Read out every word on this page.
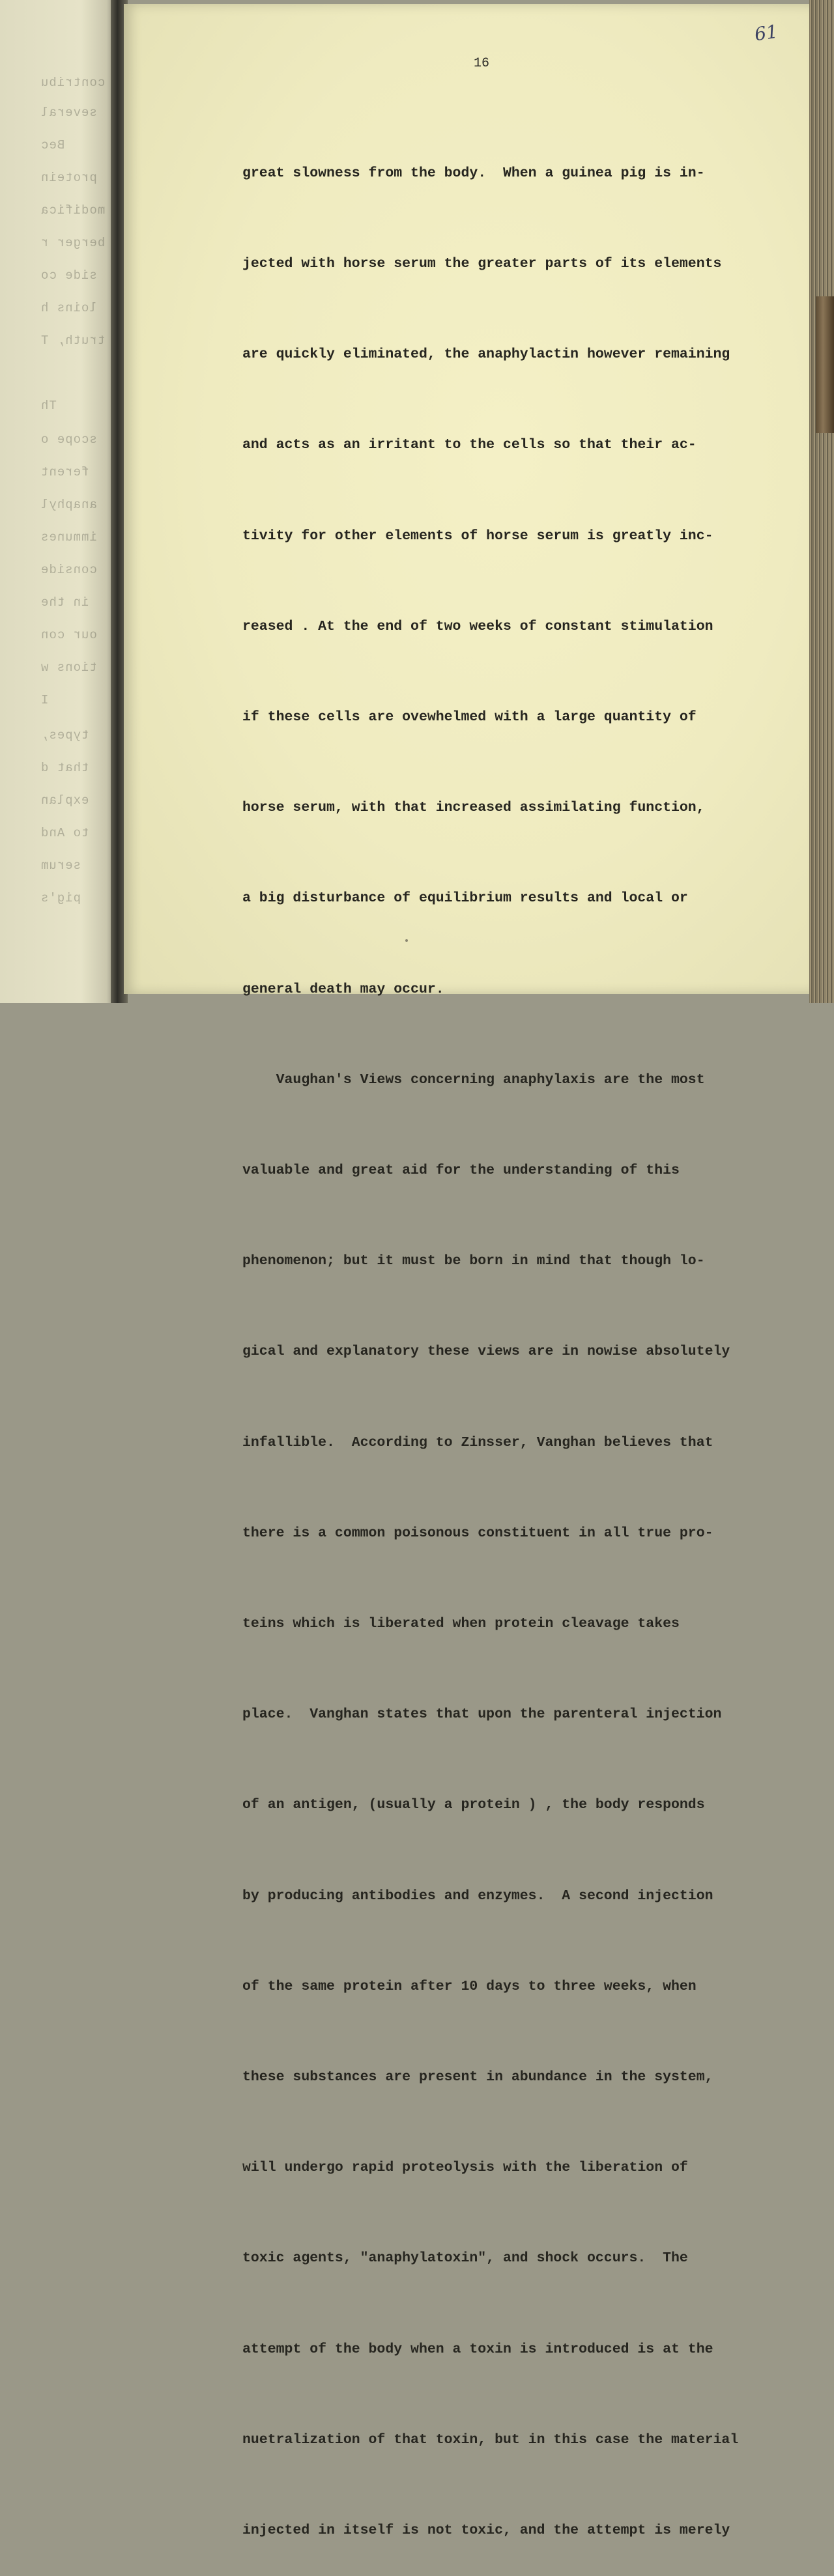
contribu
several
Bec
protein
modifica
berger r
side co
loins h
truth, T
Th
scope o
ferent
anaphyl
immunes
conside
in the
our con
tions w
I
types,
that d
explan
to And
serum
pig's
61
16

great slowness from the body.  When a guinea pig is in-

jected with horse serum the greater parts of its elements

are quickly eliminated, the anaphylactin however remaining

and acts as an irritant to the cells so that their ac-

tivity for other elements of horse serum is greatly inc-

reased . At the end of two weeks of constant stimulation

if these cells are ovewhelmed with a large quantity of

horse serum, with that increased assimilating function,

a big disturbance of equilibrium results and local or

general death may occur.

Vaughan's Views concerning anaphylaxis are the most

valuable and great aid for the understanding of this

phenomenon; but it must be born in mind that though lo-

gical and explanatory these views are in nowise absolutely

infallible.  According to Zinsser, Vanghan believes that

there is a common poisonous constituent in all true pro-

teins which is liberated when protein cleavage takes

place.  Vanghan states that upon the parenteral injection

of an antigen, (usually a protein ) , the body responds

by producing antibodies and enzymes.  A second injection

of the same protein after 10 days to three weeks, when

these substances are present in abundance in the system,

will undergo rapid proteolysis with the liberation of

toxic agents, "anaphylatoxin", and shock occurs.  The

attempt of the body when a toxin is introduced is at the

nuetralization of that toxin, but in this case the material

injected in itself is not toxic, and the attempt is merely
